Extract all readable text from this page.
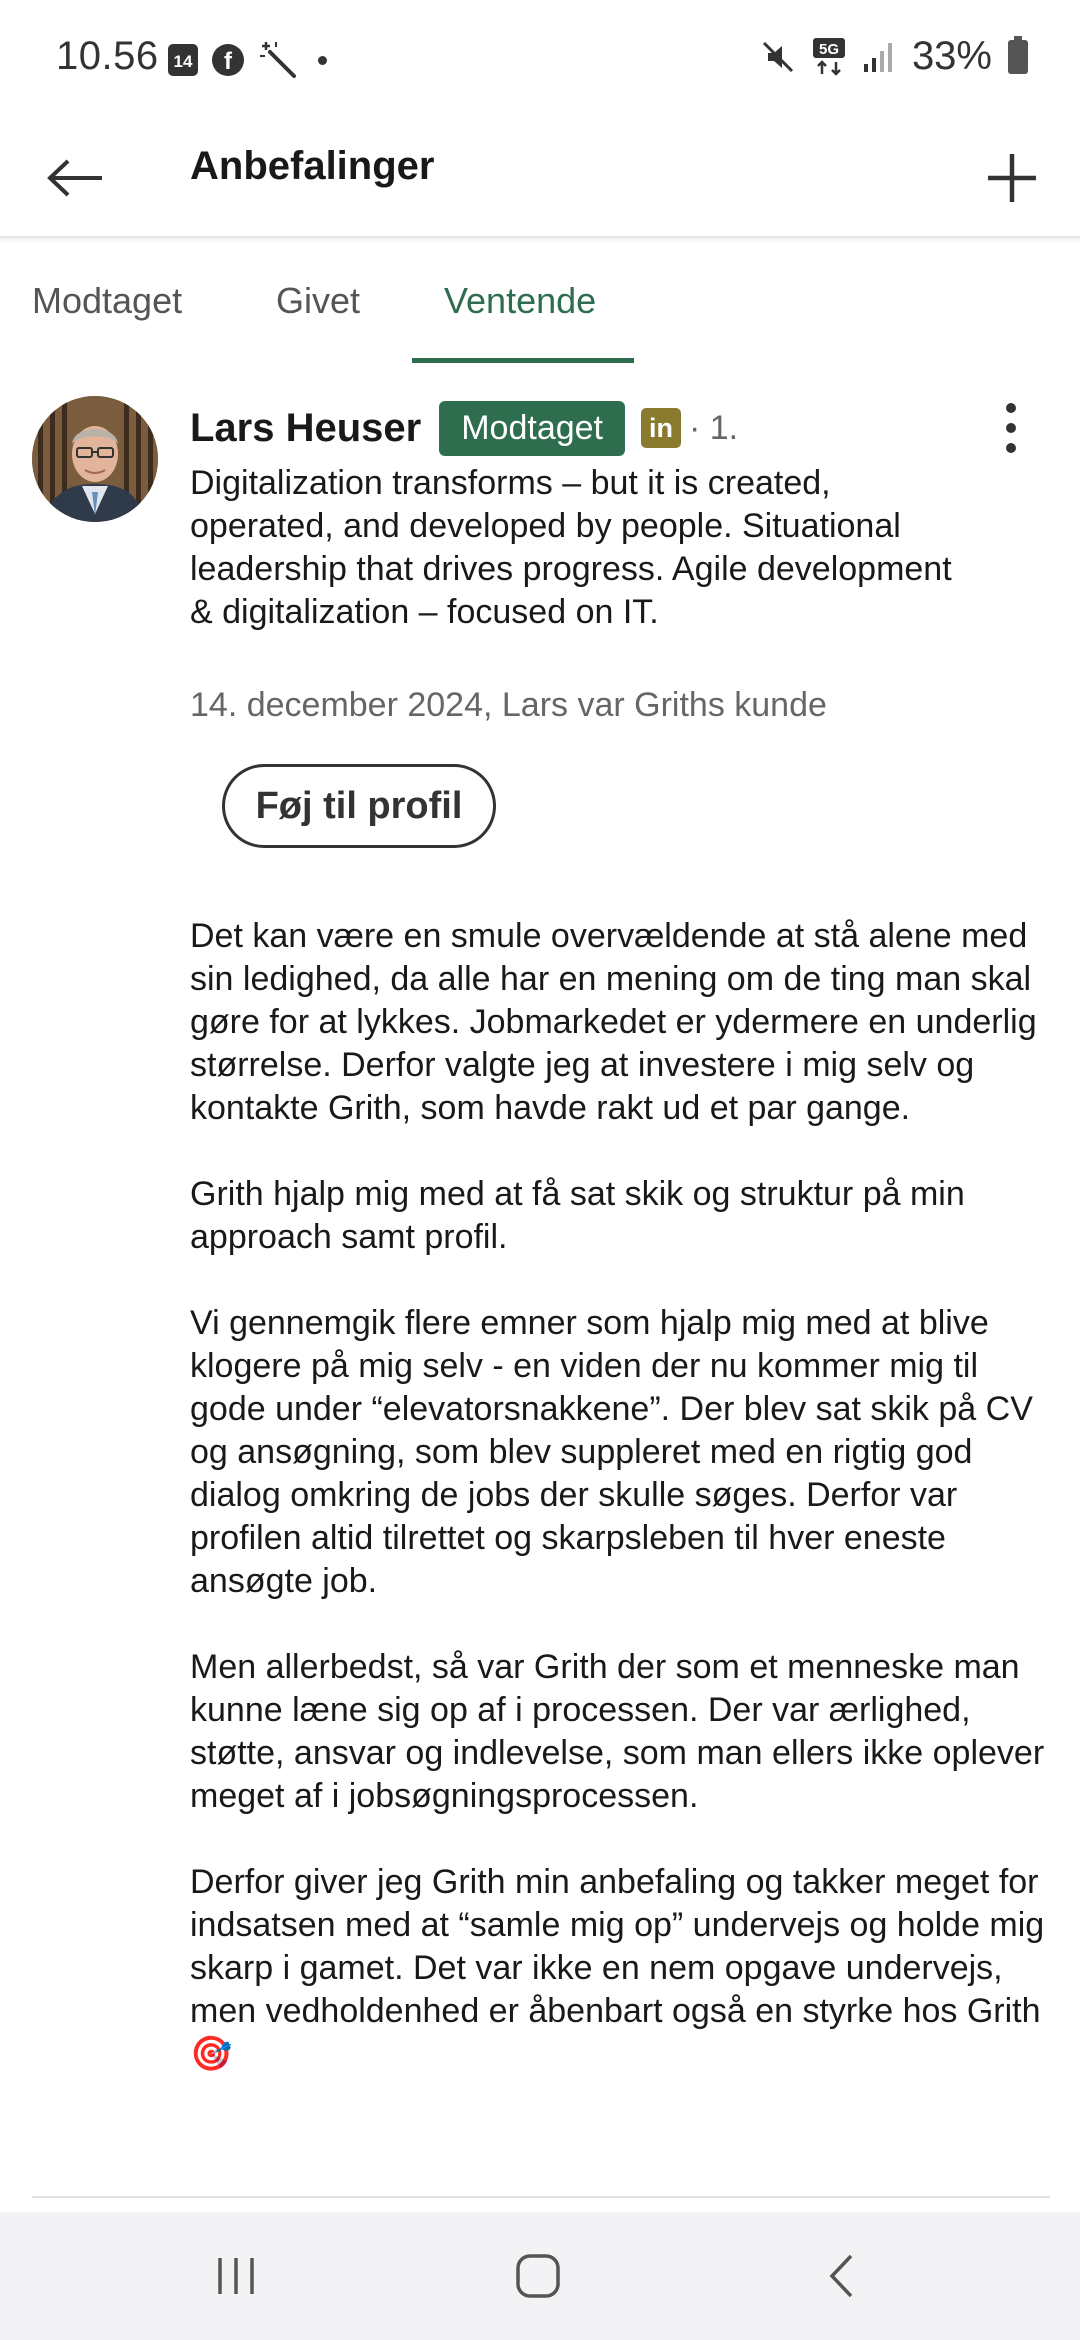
10.56 14	f	5G 33%
Anbefalinger
Modtaget	Givet Ventende
Lars Heuser	Modtaget	in · 1.
Digitalization transforms – but it is created, operated, and developed by people. Situational leadership that drives progress. Agile development & digitalization – focused on IT.
14. december 2024, Lars var Griths kunde
Føj til profil

Det kan være en smule overvældende at stå alene med sin ledighed, da alle har en mening om de ting man skal gøre for at lykkes. Jobmarkedet er ydermere en underlig størrelse. Derfor valgte jeg at investere i mig selv og kontakte Grith, som havde rakt ud et par gange.

Grith hjalp mig med at få sat skik og struktur på min approach samt profil.

Vi gennemgik flere emner som hjalp mig med at blive klogere på mig selv - en viden der nu kommer mig til gode under “elevatorsnakkene”. Der blev sat skik på CV og ansøgning, som blev suppleret med en rigtig god dialog omkring de jobs der skulle søges. Derfor var profilen altid tilrettet og skarpsleben til hver eneste ansøgte job.

Men allerbedst, så var Grith der som et menneske man kunne læne sig op af i processen. Der var ærlighed, støtte, ansvar og indlevelse, som man ellers ikke oplever meget af i jobsøgningsprocessen.

Derfor giver jeg Grith min anbefaling og takker meget for indsatsen med at “samle mig op” undervejs og holde mig skarp i gamet. Det var ikke en nem opgave undervejs, men vedholdenhed er åbenbart også en styrke hos Grith 🎯
